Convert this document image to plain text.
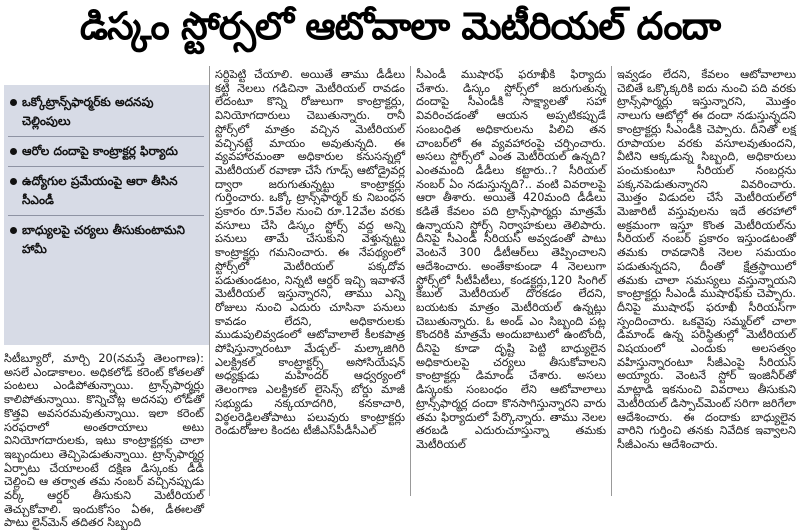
డిస్కం స్టోర్సలో ఆటోవాలా మెటీరియల్ దందా
ఒక్కోట్రాన్స్‌ఫార్మర్‌కు అదనపు చెల్లింపులు
ఆరోల దందాపై కాంట్రాక్టర్ల ఫిర్యాదు
ఉద్యోగుల ప్రమేయంపై ఆరా తీసిన సీఎండీ
బాధ్యులపై చర్యలు తీసుకుంటామని హామీ

సిటీబ్యూరో, మార్చి 20(నమస్తే తెలంగాణ): అసలే ఎండాకాలం. అధికలోడ్ కరెంట్ కోతలతో పంటలు ఎండిపోతున్నాయి. ట్రాన్స్‌ఫార్మర్లు కాలిపోతున్నాయి. కొన్నిచోట్ల అదనపు లోడ్‌తో కొత్తవి అవసరమవుతున్నాయి. ఇలా కరెంట్ సరఫరాలో అంతరాయాలు అటు వినియోగదారులకు, ఇటు కాంట్రాక్టర్లకు చాలా ఇబ్బందులు తెచ్చిపెడుతున్నాయి. ట్రాన్స్‌ఫార్మర్ల ఏర్పాటు చేయాలంటే దక్షిణ డిస్కంకు డీడీ చెల్లించి ఆ తర్వాత తమ నంబర్ వచ్చినప్పుడు వర్క్ ఆర్డర్ తీసుకుని మెటీరియల్ తెచ్చుకోవాలి. ఇందుకోసం ఏఈ, డీఈలతో పాటు లైన్‌మెన్ తదితర సిబ్బంది

సర్దిపెట్టి చేయాలి. అయితే తాము డీడీలు కట్టి నెలలు గడిచినా మెటీరియల్ రావడం లేదంటూ కొన్ని రోజులుగా కాంట్రాక్టర్లు, వినియోగదారులు చెబుతున్నారు. రానీ స్టోర్స్‌లో మాత్రం వచ్చిన మెటీరియల్ వచ్చినట్టే మాయం అవుతున్నది. ఈ వ్యవహారమంతా అధికారుల కనుసన్నల్లో మెటీరియల్ రవాణా చేసే గూడ్స్ ఆటోడ్రైవర్ల ద్వారా జరుగుతున్నట్టు కాంట్రాక్టర్లు గుర్తించారు. ఒక్కో ట్రాన్స్‌ఫార్మర్ కు నిబంధన ప్రకారం రూ.5వేల నుంచి రూ.12వేల వరకు వసూలు చేసి డిస్కం స్టోర్స్ వద్ద అన్ని పనులు తామే చేసుకుని వెళ్తున్నట్టు కాంట్రాక్టర్లు గమనించారు. ఈ నేపథ్యంలో స్టోర్స్‌లో మెటీరియల్ పక్కదోవ పడుతుండటం, నిన్నటి ఆర్డర్ ఇచ్చి ఇవాళనే మెటీరియల్ ఇస్తున్నారని, తాము ఎన్ని రోజులు నుంచి ఎదురు చూసినా పనులు కావడం లేదని, అధికారులకు ముడుపులివ్వడంలో ఆటోవాలాలే కీలకపాత్ర పోషిస్తున్నారంటూ మేడ్చల్- మల్కాజిగిరి ఎలక్ట్రికల్ కాంట్రాక్టర్స్ అసోసియేషన్ అధ్యక్షుడు మహిందర్ ఆధ్వర్యంలో తెలంగాణ ఎలక్ట్రికల్ లైసెన్స్ బోర్డు మాజీ సభ్యుడు నక్కయాదగిరి, కనకాచారి, విఠ్ఠలరెడ్డిలతోపాటు పలువురు కాంట్రాక్టర్లు రెండురోజుల కిందట టీజీఎస్‌పీడీసీఎల్

సీఎండీ ముషారఫ్ ఫరూఖీకి ఫిర్యాదు చేశారు. డిస్కం స్టోర్స్‌లో జరుగుతున్న దందాపై సీఎండీకి సాక్ష్యాలతో సహా వివరించడంతో ఆయన అప్పటికప్పుడే సంబంధిత అధికారులను పిలిచి తన చాంబర్‌లో ఈ వ్యవహారంపై చర్చించారు. అసలు స్టోర్స్‌లో ఎంత మెటీరియల్ ఉన్నది? ఎంతమంది డీడీలు కట్టారు..? సీరియల్ నంబర్ ఏం నడుస్తున్నది?.. వంటి వివరాలపై ఆరా తీశారు. అయితే 420మంది డీడీలు కడితే కేవలం పది ట్రాన్స్‌ఫార్మర్లు మాత్రమే ఉన్నాయని స్టోర్స్ నిర్వాహకులు తెలిపారు. దీనిపై సీఎండీ సీరియస్ అవ్వడంతో పాటు వెంటనే 300 డీటీఆర్‌లు తెప్పించాలని ఆదేశించారు. అంతేకాకుండా 4 నెలలుగా స్టోర్స్‌లో సీటీపీటీలు, కండక్టర్లు,120 సింగిల్ కేబుల్ మెటీరియల్ దొరకడం లేదని, బయటకు మాత్రం మెటీరియల్ ఉన్నట్లు చెబుతున్నారు. ఓ అండ్ ఎం సిబ్బంది పట్ల కొందరికి మాత్రమే అందుబాటులో ఉంటోంది, దీనిపై కూడా దృష్టి పెట్టి బాధ్యులైన అధికారులపై చర్యలు తీసుకోవాలని కాంట్రాక్టర్లు డిమాండ్ చేశారు. అసలు డిస్కంకు సంబంధం లేని ఆటోవాలాలు ట్రాన్స్‌ఫార్మర్ల దందా కొనసాగిస్తున్నారని వారు తమ ఫిర్యాదులో పేర్కొన్నారు. తాము నెలల తరబడి ఎదురుచూస్తున్నా తమకు మెటీరియల్

ఇవ్వడం లేదని, కేవలం ఆటోవాలాలు చెబితే ఒక్కొక్కరికి ఐదు నుంచి పది వరకు ట్రాన్స్‌ఫార్మర్లు ఇస్తున్నారని, మొత్తం నాలుగు ఆటోల్లో ఈ దందా నడుస్తున్నదని కాంట్రాక్టర్లు సీఎండీకి చెప్పారు. దీనితో లక్ష రూపాయల వరకు వసూలవుతుందని, వీటిని ఆక్కడున్న సిబ్బంది, అధికారులు పంచుకుంటూ సీరియల్ నంబర్లను పక్కనపెడుతున్నారని వివరించారు. మొత్తం విడుదల చేసే మెటీరియల్‌లో మెజారిటీ వస్తువులను ఇదే తరహాలో అక్రమంగా ఇస్తూ కొంత మెటీరియల్‌ను సీరియల్ నంబర్ ప్రకారం ఇస్తుండటంతో తమకు రావడానికి నెలల సమయం పడుతున్నదని, దీంతో క్షేత్రస్థాయిలో తమకు చాలా సమస్యలు వస్తున్నాయని కాంట్రాక్టర్లు సీఎండీ ముషారఫ్‌కు చెప్పారు. దీనిపై ముషారఫ్ ఫరూఖీ సీరియస్‌గా స్పందించారు. ఒకవైపు సమ్మర్‌లో చాలా డిమాండ్ ఉన్న పరిస్థితుల్లో మెటీరియల్ విషయంలో ఎందుకు అలసత్వం వహిస్తున్నారంటూ సీజీఎంపై సీరియస్ అయ్యారు. వెంటనే స్టోర్ ఇంజినీర్‌తో మాట్లాడి ఇకనుంచి వివరాలు తీసుకుని మెటీరియల్ డిస్పాచ్‌మెంట్ సరిగా జరిగేలా ఆదేశించారు. ఈ దందాకు బాధ్యులైన వారిని గుర్తించి తనకు నివేదిక ఇవ్వాలని సీజీఎంను ఆదేశించారు.
